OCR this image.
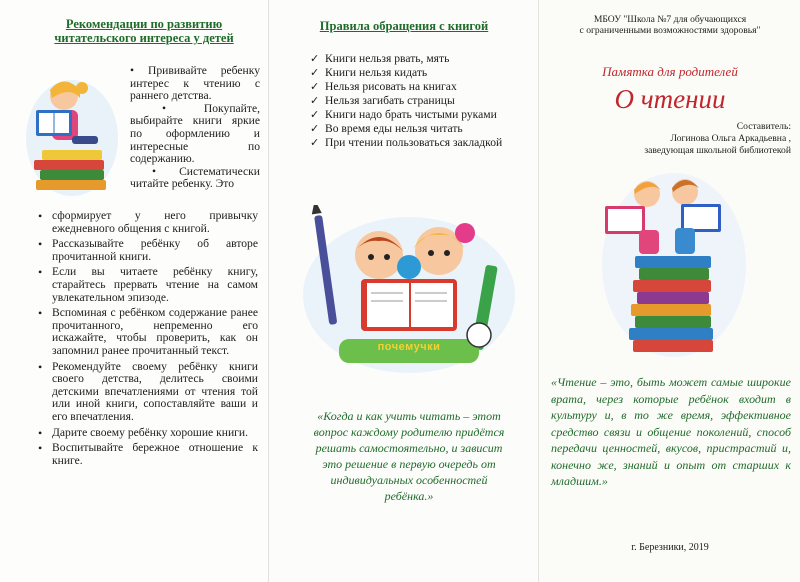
Рекомендации по развитию читательского интереса у детей
• Прививайте ребенку интерес к чтению с раннего детства.
• Покупайте, выбирайте книги яркие по оформлению и интересные по содержанию.
• Систематически читайте ребенку. Это
• сформирует у него привычку ежедневного общения с книгой.
• Рассказывайте ребёнку об авторе прочитанной книги.
• Если вы читаете ребёнку книгу, старайтесь прервать чтение на самом увлекательном эпизоде.
• Вспоминая с ребёнком содержание ранее прочитанного, непременно его искажайте, чтобы проверить, как он запомнил ранее прочитанный текст.
• Рекомендуйте своему ребёнку книги своего детства, делитесь своими детскими впечатлениями от чтения той или иной книги, сопоставляйте ваши и его впечатления.
• Дарите своему ребёнку хорошие книги.
• Воспитывайте бережное отношение к книге.
Правила обращения с книгой
✓ Книги нельзя рвать, мять
✓ Книги нельзя кидать
✓ Нельзя рисовать на книгах
✓ Нельзя загибать страницы
✓ Книги надо брать чистыми руками
✓ Во время еды нельзя читать
✓ При чтении пользоваться закладкой
почемучки
«Когда и как учить читать – этот вопрос каждому родителю придётся решать самостоятельно, и зависит это решение в первую очередь от индивидуальных особенностей ребёнка.»
МБОУ "Школа №7 для обучающихся
с ограниченными возможностями здоровья"
Памятка для родителей
О чтении
Составитель:
Логинова Ольга Аркадьевна ,
заведующая школьной библиотекой
«Чтение – это, быть может самые широкие врата, через которые ребёнок входит в культуру и, в то же время, эффективное средство связи и общение поколений, способ передачи ценностей, вкусов, пристрастий и, конечно же, знаний и опыт от старших к младшим.»
г. Березники, 2019
